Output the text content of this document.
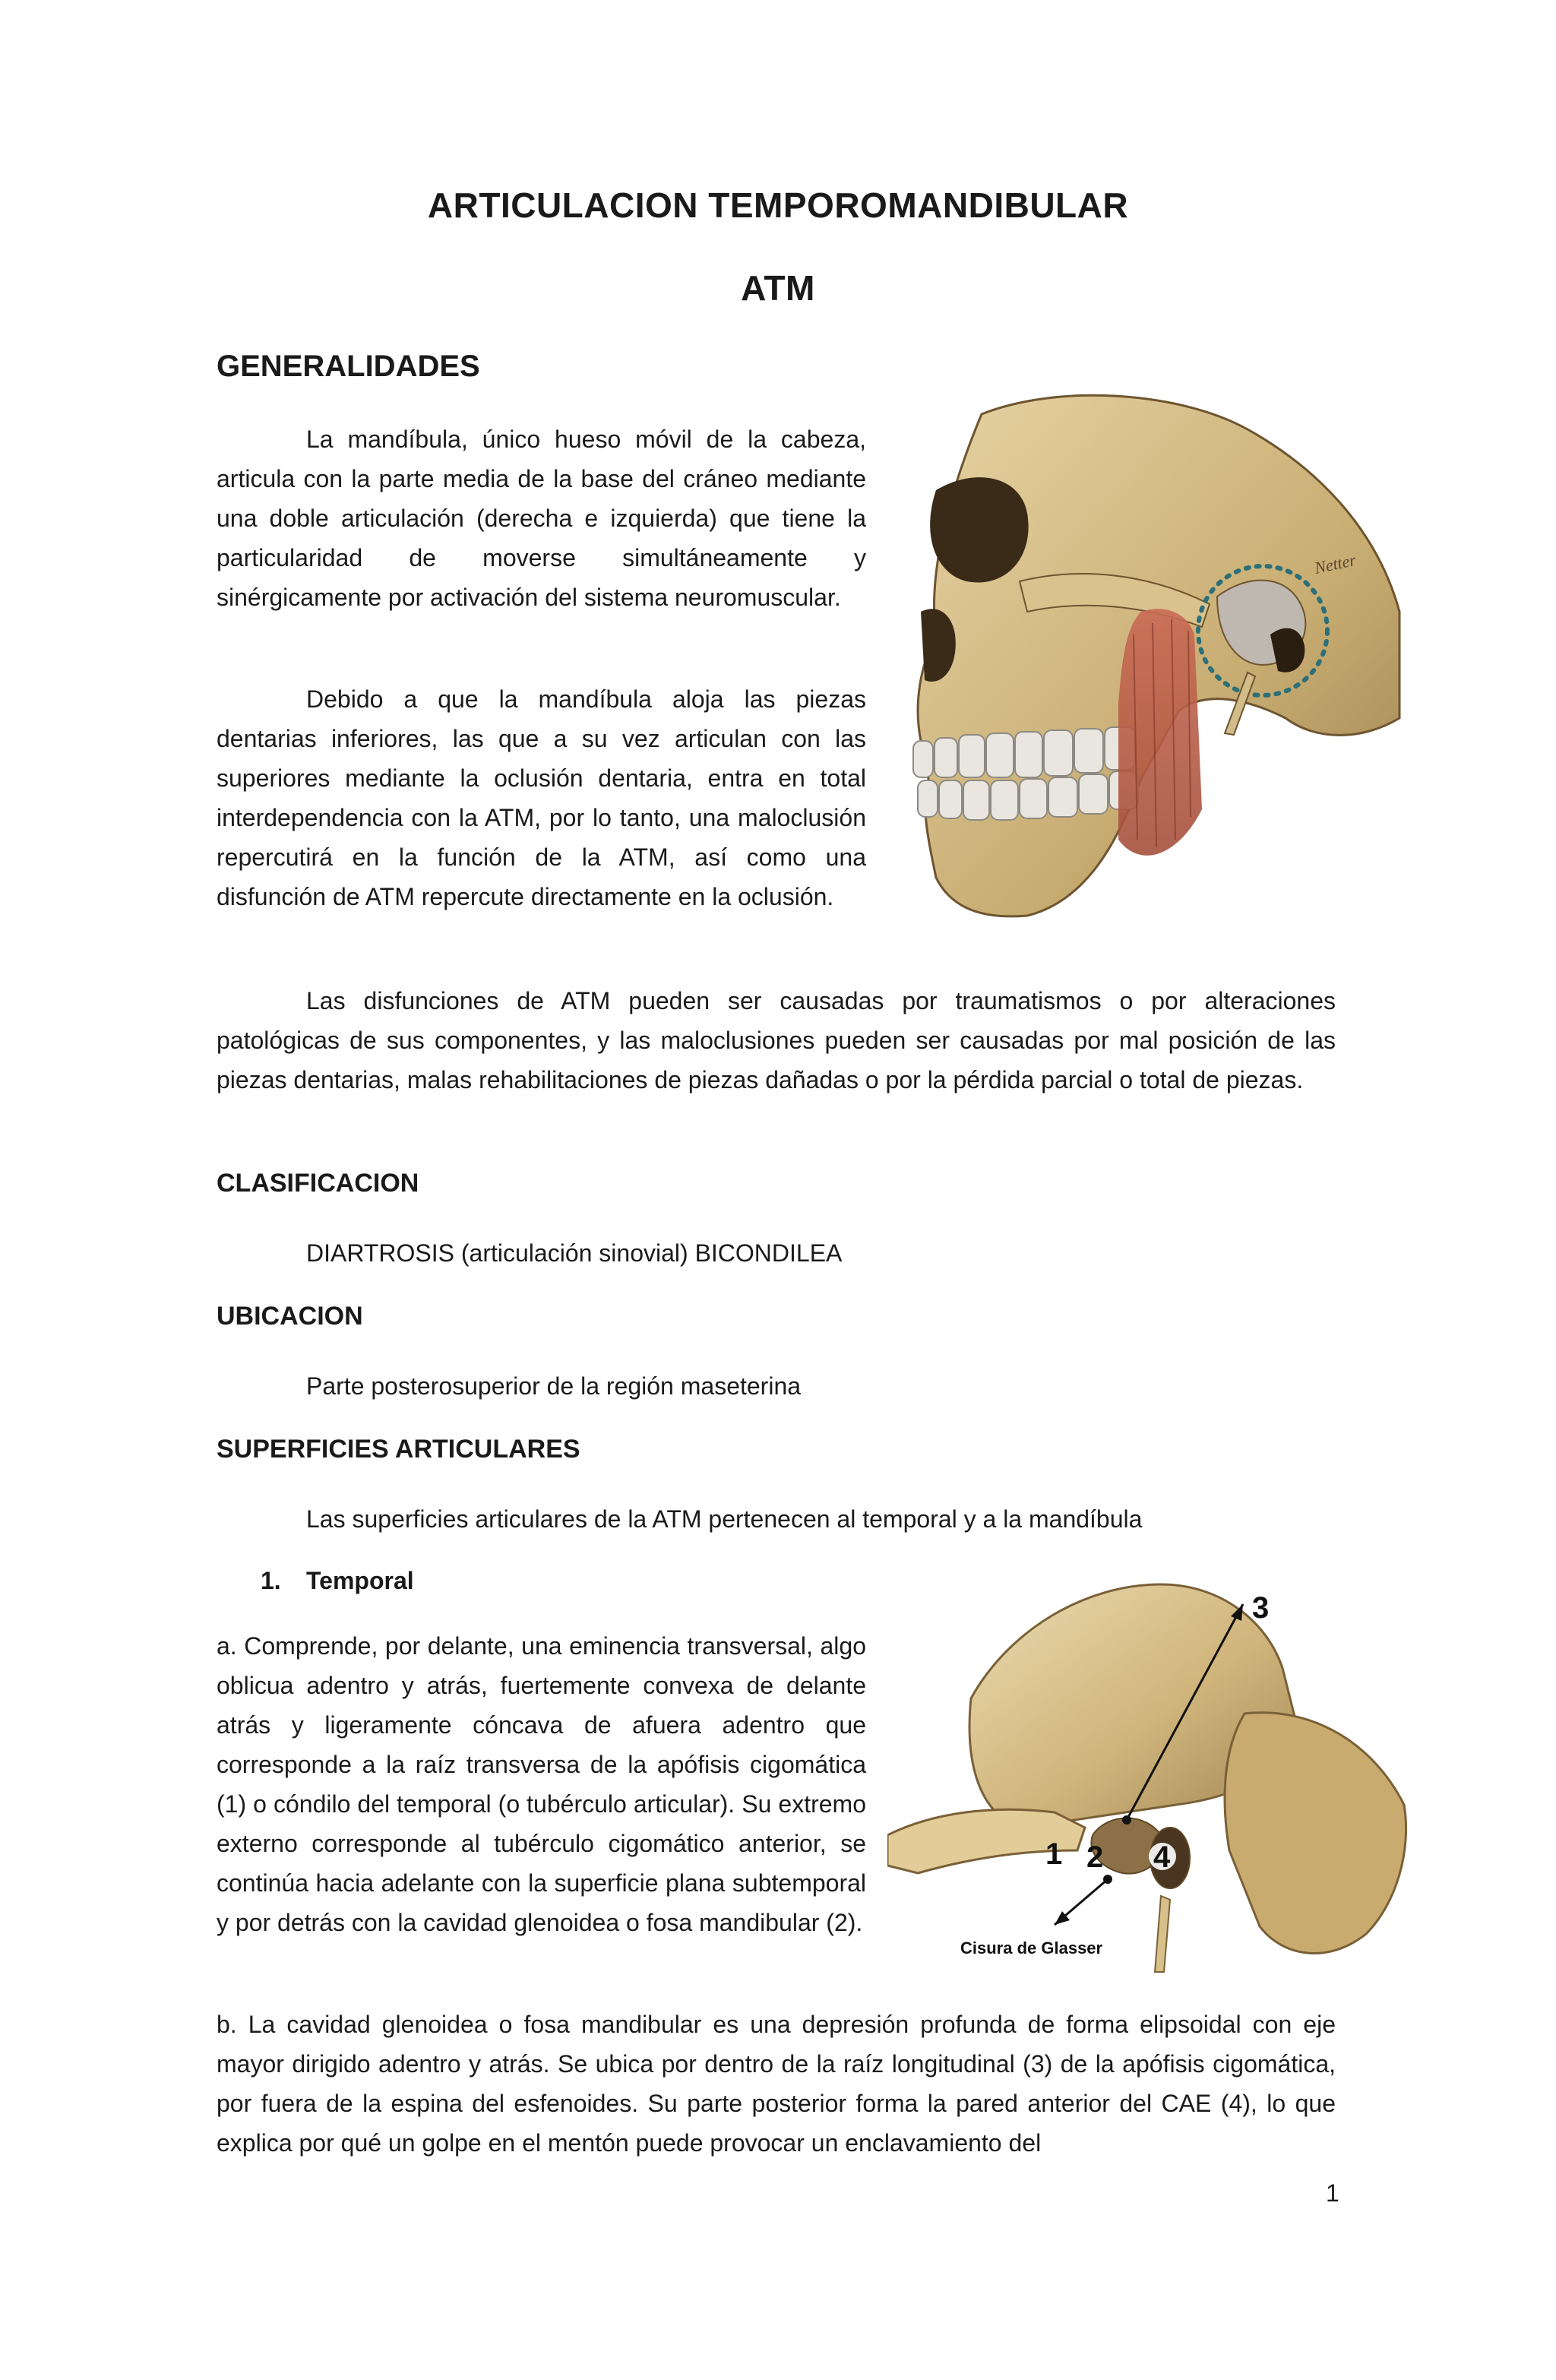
ARTICULACION TEMPOROMANDIBULAR
ATM
GENERALIDADES
La mandíbula, único hueso móvil de la cabeza, articula con la parte media de la base del cráneo mediante una doble articulación (derecha e izquierda) que tiene la particularidad de moverse simultáneamente y sinérgicamente por activación del sistema neuromuscular.
Debido a que la mandíbula aloja las piezas dentarias inferiores, las que a su vez articulan con las superiores mediante la oclusión dentaria, entra en total interdependencia con la ATM, por lo tanto, una maloclusión repercutirá en la función de la ATM, así como una disfunción de ATM repercute directamente en la oclusión.
Netter
Las disfunciones de ATM pueden ser causadas por traumatismos o por alteraciones patológicas de sus componentes, y las maloclusiones pueden ser causadas por mal posición de las piezas dentarias, malas rehabilitaciones de piezas dañadas o por la pérdida parcial o total de piezas.
CLASIFICACION
DIARTROSIS (articulación sinovial) BICONDILEA
UBICACION
Parte posterosuperior de la región maseterina
SUPERFICIES ARTICULARES
Las superficies articulares de la ATM pertenecen al temporal y a la mandíbula
1. Temporal
a. Comprende, por delante, una eminencia transversal, algo oblicua adentro y atrás, fuertemente convexa de delante atrás y ligeramente cóncava de afuera adentro que corresponde a la raíz transversa de la apófisis cigomática (1) o cóndilo del temporal (o tubérculo articular). Su extremo externo corresponde al tubérculo cigomático anterior, se continúa hacia adelante con la superficie plana subtemporal y por detrás con la cavidad glenoidea o fosa mandibular (2).
3
1 2 4
Cisura de Glasser
b. La cavidad glenoidea o fosa mandibular es una depresión profunda de forma elipsoidal con eje mayor dirigido adentro y atrás. Se ubica por dentro de la raíz longitudinal (3) de la apófisis cigomática, por fuera de la espina del esfenoides. Su parte posterior forma la pared anterior del CAE (4), lo que explica por qué un golpe en el mentón puede provocar un enclavamiento del
1
